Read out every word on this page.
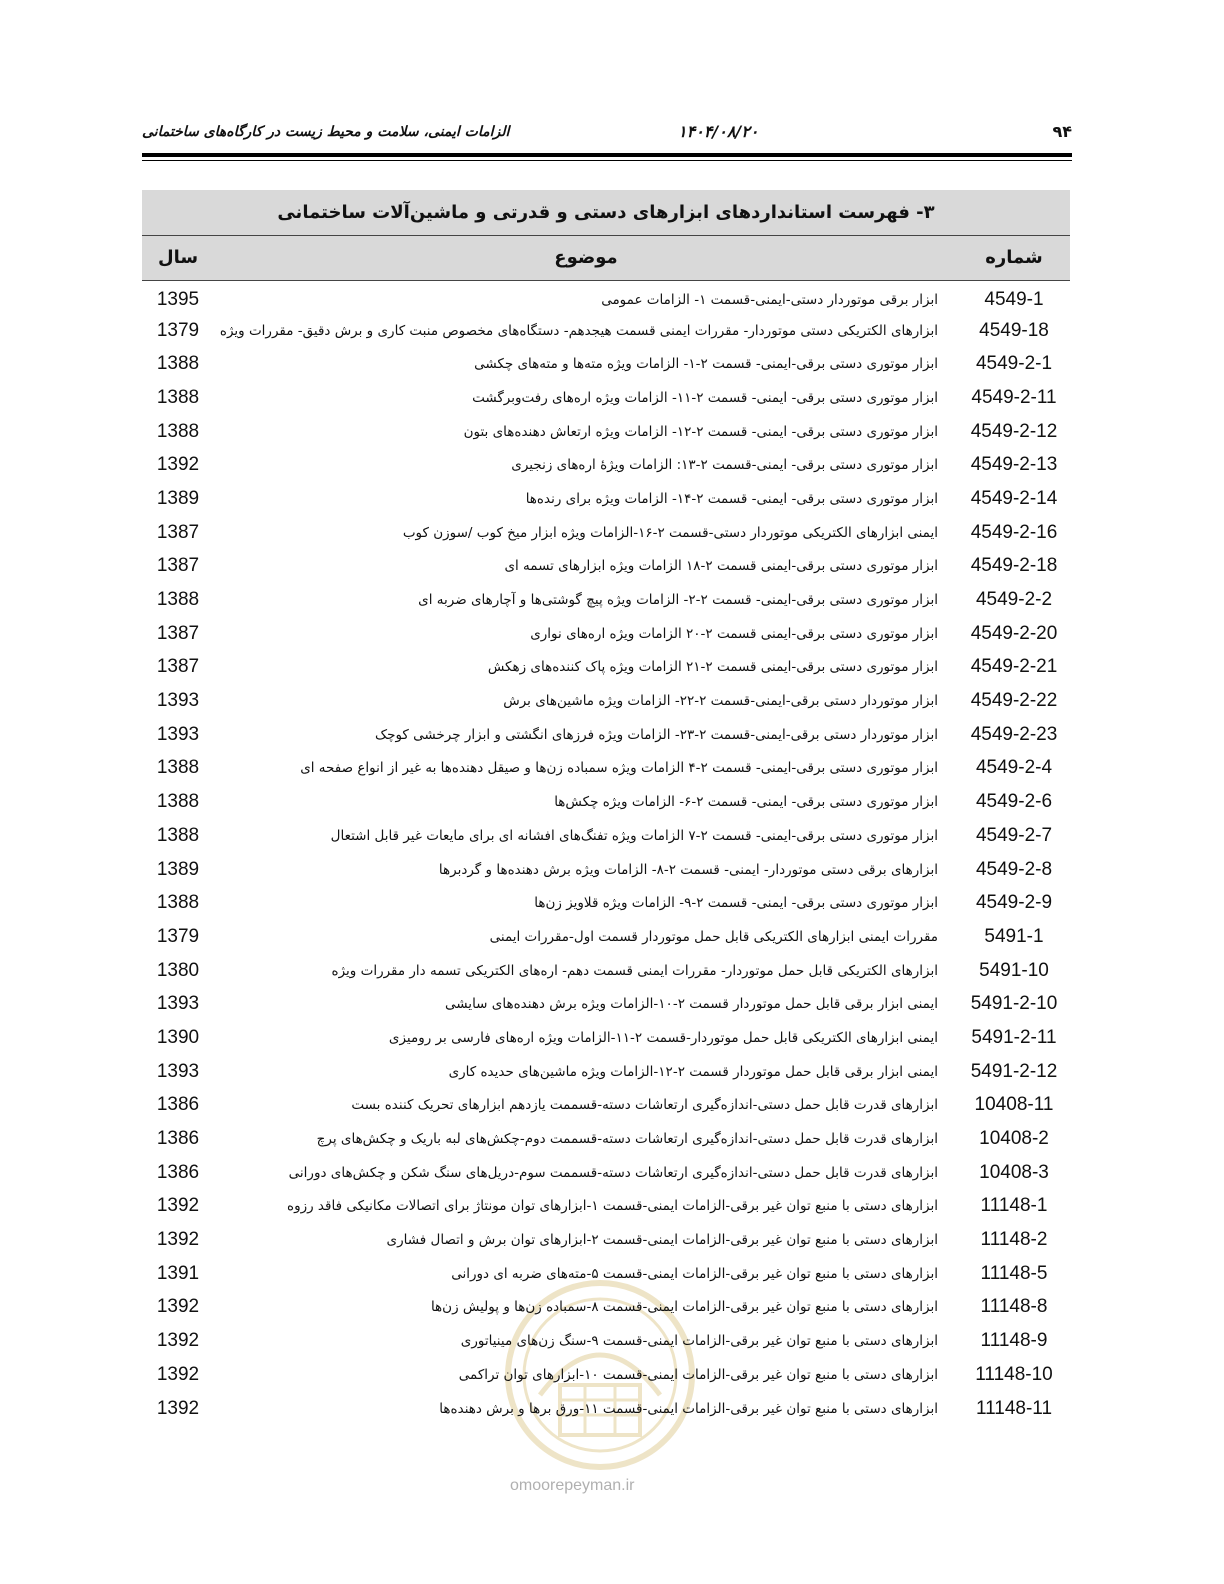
۹۴
۱۴۰۴/۰۸/۲۰
الزامات ایمنی، سلامت و محیط زیست در کارگاه‌های ساختمانی
omoorepeyman.ir
۳- فهرست استانداردهای ابزارهای دستی و قدرتی و ماشین‌آلات ساختمانی		
شماره	موضوع	سال
4549-1	ابزار برقی موتوردار دستی-ایمنی-قسمت ۱- الزامات عمومی	1395
4549-18	ابزارهای الکتریکی دستی موتوردار- مقررات ایمنی قسمت هیجدهم- دستگاه‌های مخصوص منبت کاری و برش دقیق- مقررات ویژه	1379
4549-2-1	ابزار موتوری دستی برقی-ایمنی- قسمت ۲-۱- الزامات ویژه مته‌ها و مته‌های چکشی	1388
4549-2-11	ابزار موتوری دستی برقی- ایمنی- قسمت ۲-۱۱- الزامات ویژه اره‌های رفت‌وبرگشت	1388
4549-2-12	ابزار موتوری دستی برقی- ایمنی- قسمت ۲-۱۲- الزامات ویژه ارتعاش دهنده‌های بتون	1388
4549-2-13	ابزار موتوری دستی برقی- ایمنی-قسمت ۲-۱۳: الزامات ویژهٔ اره‌های زنجیری	1392
4549-2-14	ابزار موتوری دستی برقی- ایمنی- قسمت ۲-۱۴- الزامات ویژه برای رنده‌ها	1389
4549-2-16	ایمنی ابزارهای الکتریکی موتوردار دستی-قسمت ۲-۱۶-الزامات ویژه ابزار میخ کوب /سوزن کوب	1387
4549-2-18	ابزار موتوری دستی برقی-ایمنی قسمت ۲-۱۸ الزامات ویژه ابزارهای تسمه ای	1387
4549-2-2	ابزار موتوری دستی برقی-ایمنی- قسمت ۲-۲- الزامات ویژه پیچ گوشتی‌ها و آچارهای ضربه ای	1388
4549-2-20	ابزار موتوری دستی برقی-ایمنی قسمت ۲-۲۰ الزامات ویژه اره‌های نواری	1387
4549-2-21	ابزار موتوری دستی برقی-ایمنی قسمت ۲-۲۱ الزامات ویژه پاک کننده‌های زهکش	1387
4549-2-22	ابزار موتوردار دستی برقی-ایمنی-قسمت ۲-۲۲- الزامات ویژه ماشین‌های برش	1393
4549-2-23	ابزار موتوردار دستی برقی-ایمنی-قسمت ۲-۲۳- الزامات ویژه فرزهای انگشتی و ابزار چرخشی کوچک	1393
4549-2-4	ابزار موتوری دستی برقی-ایمنی- قسمت ۲-۴ الزامات ویژه سمباده زن‌ها و صیقل دهنده‌ها به غیر از انواع صفحه ای	1388
4549-2-6	ابزار موتوری دستی برقی- ایمنی- قسمت ۲-۶- الزامات ویژه چکش‌ها	1388
4549-2-7	ابزار موتوری دستی برقی-ایمنی- قسمت ۲-۷ الزامات ویژه تفنگ‌های افشانه ای برای مایعات غیر قابل اشتعال	1388
4549-2-8	ابزارهای برقی دستی موتوردار- ایمنی- قسمت ۲-۸- الزامات ویژه برش دهنده‌ها و گردبرها	1389
4549-2-9	ابزار موتوری دستی برقی- ایمنی- قسمت ۲-۹- الزامات ویژه قلاویز زن‌ها	1388
5491-1	مقررات ایمنی ابزارهای الکتریکی قابل حمل موتوردار قسمت اول-مقررات ایمنی	1379
5491-10	ابزارهای الکتریکی قابل حمل موتوردار- مقررات ایمنی قسمت دهم- اره‌های الکتریکی تسمه دار مقررات ویژه	1380
5491-2-10	ایمنی ابزار برقی قابل حمل موتوردار قسمت ۲-۱۰-الزامات ویژه برش دهنده‌های سایشی	1393
5491-2-11	ایمنی ابزارهای الکتریکی قابل حمل موتوردار-قسمت ۲-۱۱-الزامات ویژه اره‌های فارسی بر رومیزی	1390
5491-2-12	ایمنی ابزار برقی قابل حمل موتوردار قسمت ۲-۱۲-الزامات ویژه ماشین‌های حدیده کاری	1393
10408-11	ابزارهای قدرت قابل حمل دستی-اندازه‌گیری ارتعاشات دسته-قسممت یازدهم ابزارهای تحریک کننده بست	1386
10408-2	ابزارهای قدرت قابل حمل دستی-اندازه‌گیری ارتعاشات دسته-قسممت دوم-چکش‌های لبه باریک و چکش‌های پرچ	1386
10408-3	ابزارهای قدرت قابل حمل دستی-اندازه‌گیری ارتعاشات دسته-قسممت سوم-دریل‌های سنگ شکن و چکش‌های دورانی	1386
11148-1	ابزارهای دستی با منبع توان غیر برقی-الزامات ایمنی-قسمت ۱-ابزارهای توان مونتاژ برای اتصالات مکانیکی فاقد رزوه	1392
11148-2	ابزارهای دستی با منبع توان غیر برقی-الزامات ایمنی-قسمت ۲-ابزارهای توان برش و اتصال فشاری	1392
11148-5	ابزارهای دستی با منبع توان غیر برقی-الزامات ایمنی-قسمت ۵-مته‌های ضربه ای دورانی	1391
11148-8	ابزارهای دستی با منبع توان غیر برقی-الزامات ایمنی-قسمت ۸-سمباده زن‌ها و پولیش زن‌ها	1392
11148-9	ابزارهای دستی با منبع توان غیر برقی-الزامات ایمنی-قسمت ۹-سنگ زن‌های مینیاتوری	1392
11148-10	ابزارهای دستی با منبع توان غیر برقی-الزامات ایمنی-قسمت ۱۰-ابزارهای توان تراکمی	1392
11148-11	ابزارهای دستی با منبع توان غیر برقی-الزامات ایمنی-قسمت ۱۱-ورق برها و برش دهنده‌ها	1392
